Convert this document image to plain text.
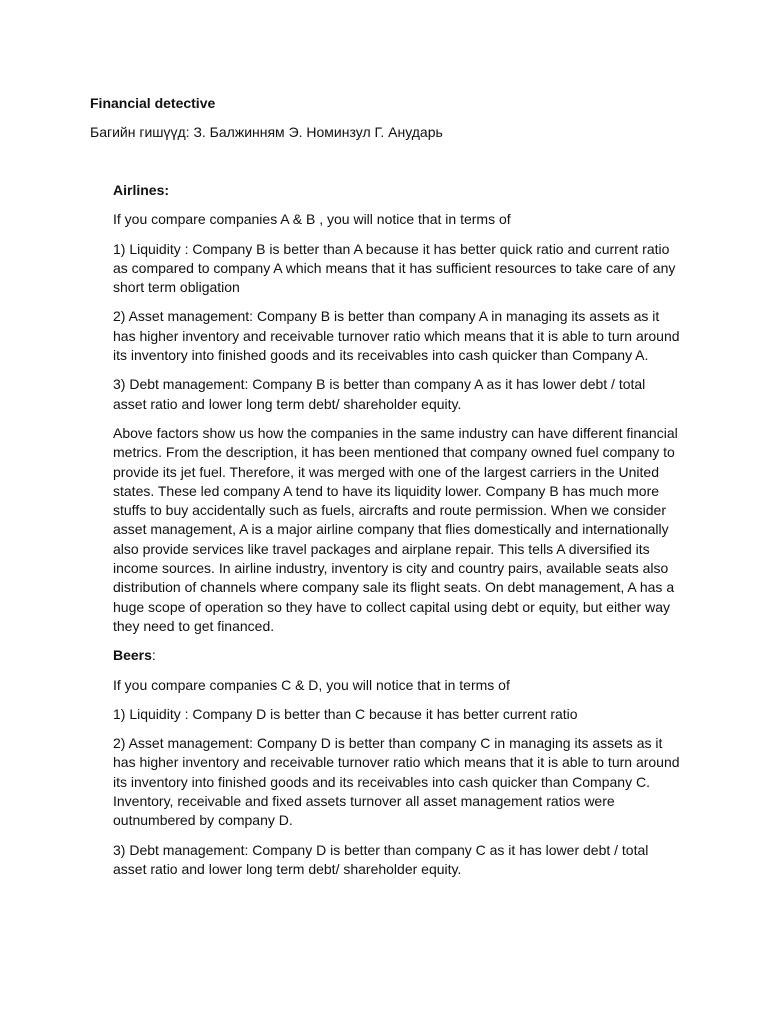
Financial detective

Багийн гишүүд: З. Балжинням Э. Номинзул Г. Анударь

Airlines:

If you compare companies A & B , you will notice that in terms of

1) Liquidity : Company B is better than A because it has better quick ratio and current ratio as compared to company A which means that it has sufficient resources to take care of any short term obligation

2) Asset management: Company B is better than company A in managing its assets as it has higher inventory and receivable turnover ratio which means that it is able to turn around its inventory into finished goods and its receivables into cash quicker than Company A.

3) Debt management: Company B is better than company A as it has lower debt / total asset ratio and lower long term debt/ shareholder equity.

Above factors show us how the companies in the same industry can have different financial metrics. From the description, it has been mentioned that company owned fuel company to provide its jet fuel. Therefore, it was merged with one of the largest carriers in the United states. These led company A tend to have its liquidity lower. Company B has much more stuffs to buy accidentally such as fuels, aircrafts and route permission. When we consider asset management, A is a major airline company that flies domestically and internationally also provide services like travel packages and airplane repair. This tells A diversified its income sources. In airline industry, inventory is city and country pairs, available seats also distribution of channels where company sale its flight seats. On debt management, A has a huge scope of operation so they have to collect capital using debt or equity, but either way they need to get financed.

Beers:

If you compare companies C & D, you will notice that in terms of

1) Liquidity : Company D is better than C because it has better current ratio

2) Asset management: Company D is better than company C in managing its assets as it has higher inventory and receivable turnover ratio which means that it is able to turn around its inventory into finished goods and its receivables into cash quicker than Company C. Inventory, receivable and fixed assets turnover all asset management ratios were outnumbered by company D.

3) Debt management: Company D is better than company C as it has lower debt / total asset ratio and lower long term debt/ shareholder equity.
